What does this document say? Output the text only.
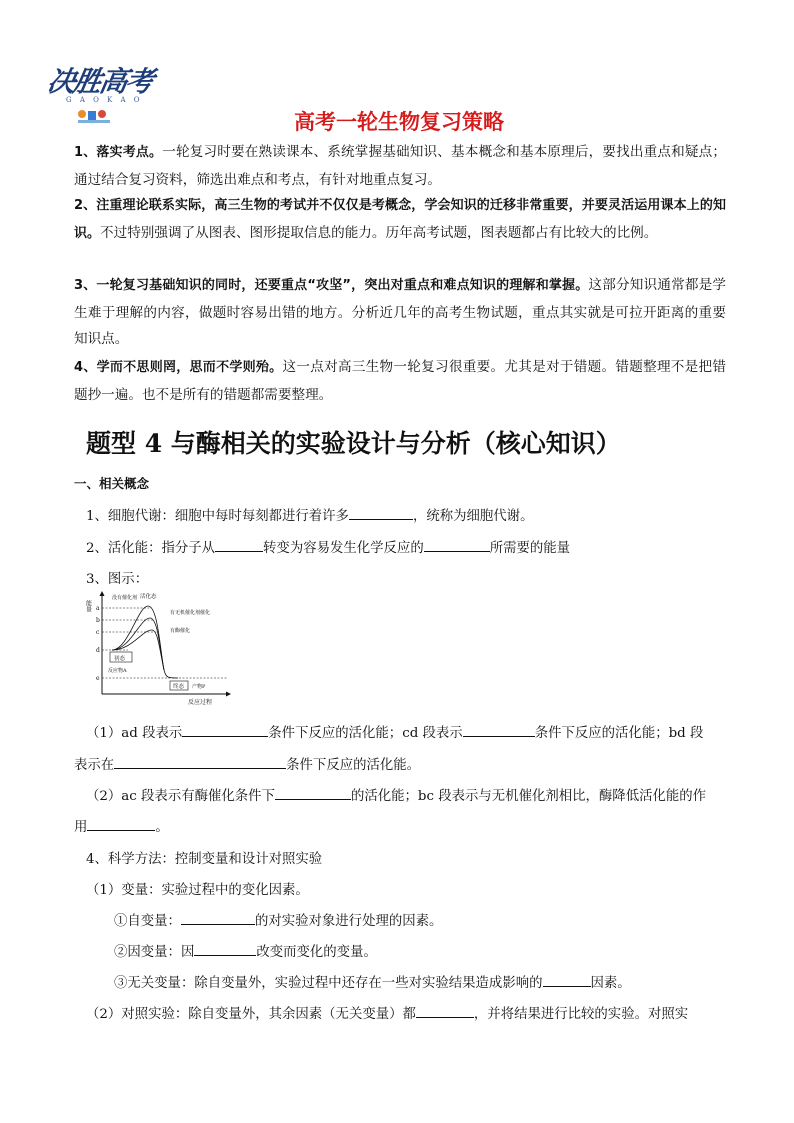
决胜高考
G A O K A O
高考一轮生物复习策略
1、落实考点。一轮复习时要在熟读课本、系统掌握基础知识、基本概念和基本原理后，要找出重点和疑点；通过结合复习资料，筛选出难点和考点，有针对地重点复习。
2、注重理论联系实际，高三生物的考试并不仅仅是考概念，学会知识的迁移非常重要，并要灵活运用课本上的知识。不过特别强调了从图表、图形提取信息的能力。历年高考试题，图表题都占有比较大的比例。
3、一轮复习基础知识的同时，还要重点“攻坚”，突出对重点和难点知识的理解和掌握。这部分知识通常都是学生难于理解的内容，做题时容易出错的地方。分析近几年的高考生物试题，重点其实就是可拉开距离的重要知识点。
4、学而不思则罔，思而不学则殆。这一点对高三生物一轮复习很重要。尤其是对于错题。错题整理不是把错题抄一遍。也不是所有的错题都需要整理。
题型 4 与酶相关的实验设计与分析（核心知识）
一、相关概念
1、细胞代谢：细胞中每时每刻都进行着许多	，统称为细胞代谢。
2、活化能：指分子从	转变为容易发生化学反应的	所需要的能量
3、图示：
能量
反应过程
a
b
c
d
e
没有催化剂 活化态
有无机催化剂催化
有酶催化
初态
反应物A
终态 产物P
（1）ad 段表示	条件下反应的活化能；cd 段表示	条件下反应的活化能；bd 段
表示在	条件下反应的活化能。
（2）ac 段表示有酶催化条件下	的活化能；bc 段表示与无机催化剂相比，酶降低活化能的作
用	。
4、科学方法：控制变量和设计对照实验
（1）变量：实验过程中的变化因素。
①自变量：	的对实验对象进行处理的因素。
②因变量：因	改变而变化的变量。
③无关变量：除自变量外，实验过程中还存在一些对实验结果造成影响的	因素。
（2）对照实验：除自变量外，其余因素（无关变量）都	，并将结果进行比较的实验。对照实
